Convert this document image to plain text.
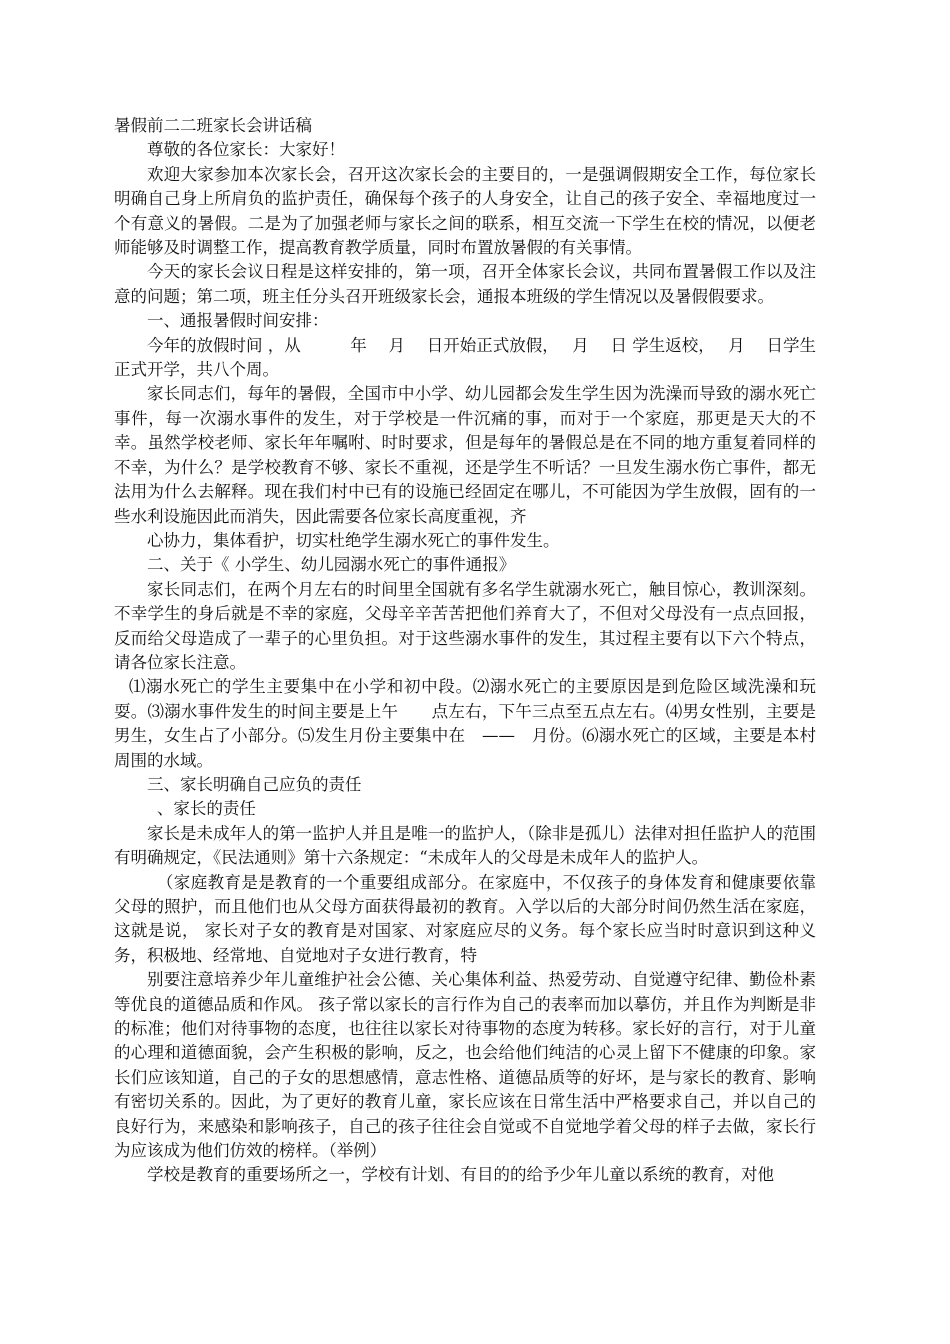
暑假前二二班家长会讲话稿

尊敬的各位家长：大家好！

欢迎大家参加本次家长会，召开这次家长会的主要目的，一是强调假期安全工作，每位家长明确自己身上所肩负的监护责任，确保每个孩子的人身安全，让自己的孩子安全、幸福地度过一个有意义的暑假。二是为了加强老师与家长之间的联系，相互交流一下学生在校的情况，以便老师能够及时调整工作，提高教育教学质量，同时布置放暑假的有关事情。

今天的家长会议日程是这样安排的，第一项，召开全体家长会议，共同布置暑假工作以及注意的问题；第二项，班主任分头召开班级家长会，通报本班级的学生情况以及暑假假要求。

一、通报暑假时间安排：

今年的放假时间 ，从　　　年　 月　 日开始正式放假，　 月　 日 学生返校，　 月　 日学生正式开学，共八个周。

家长同志们，每年的暑假，全国市中小学、幼儿园都会发生学生因为洗澡而导致的溺水死亡事件，每一次溺水事件的发生，对于学校是一件沉痛的事，而对于一个家庭，那更是天大的不幸。虽然学校老师、家长年年嘱咐、时时要求，但是每年的暑假总是在不同的地方重复着同样的不幸，为什么？是学校教育不够、家长不重视，还是学生不听话？一旦发生溺水伤亡事件，都无法用为什么去解释。现在我们村中已有的设施已经固定在哪儿，不可能因为学生放假，固有的一些水利设施因此而消失，因此需要各位家长高度重视，齐

心协力，集体看护，切实杜绝学生溺水死亡的事件发生。

二、关于《 小学生、幼儿园溺水死亡的事件通报》

家长同志们，在两个月左右的时间里全国就有多名学生就溺水死亡，触目惊心，教训深刻。不幸学生的身后就是不幸的家庭，父母辛辛苦苦把他们养育大了，不但对父母没有一点点回报，反而给父母造成了一辈子的心里负担。对于这些溺水事件的发生，其过程主要有以下六个特点，请各位家长注意。

⑴溺水死亡的学生主要集中在小学和初中段。⑵溺水死亡的主要原因是到危险区域洗澡和玩耍。⑶溺水事件发生的时间主要是上午　　点左右，下午三点至五点左右。⑷男女性别，主要是男生，女生占了小部分。⑸发生月份主要集中在　——　月份。⑹溺水死亡的区域，主要是本村周围的水域。

三、家长明确自己应负的责任

、家长的责任

家长是未成年人的第一监护人并且是唯一的监护人，（除非是孤儿）法律对担任监护人的范围有明确规定，《民法通则》第十六条规定：“未成年人的父母是未成年人的监护人。

（家庭教育是是教育的一个重要组成部分。在家庭中，不仅孩子的身体发育和健康要依靠父母的照护，而且他们也从父母方面获得最初的教育。入学以后的大部分时间仍然生活在家庭，这就是说， 家长对子女的教育是对国家、对家庭应尽的义务。每个家长应当时时意识到这种义务，积极地、经常地、自觉地对子女进行教育，特

别要注意培养少年儿童维护社会公德、关心集体利益、热爱劳动、自觉遵守纪律、勤俭朴素等优良的道德品质和作风。 孩子常以家长的言行作为自己的表率而加以摹仿，并且作为判断是非的标准；他们对待事物的态度，也往往以家长对待事物的态度为转移。家长好的言行，对于儿童的心理和道德面貌，会产生积极的影响，反之，也会给他们纯洁的心灵上留下不健康的印象。家长们应该知道，自己的子女的思想感情，意志性格、道德品质等的好坏，是与家长的教育、影响有密切关系的。因此，为了更好的教育儿童，家长应该在日常生活中严格要求自己，并以自己的良好行为，来感染和影响孩子，自己的孩子往往会自觉或不自觉地学着父母的样子去做，家长行为应该成为他们仿效的榜样。（举例）

学校是教育的重要场所之一，学校有计划、有目的的给予少年儿童以系统的教育，对他
